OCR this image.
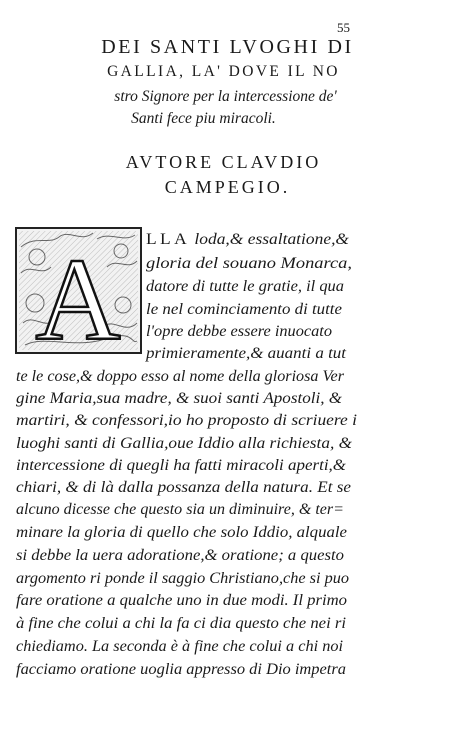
55
DEI SANTI LVOGHI DI
GALLIA, LA' DOVE IL NO
stro Signore per la intercessione de'
Santi fece piu miracoli.
AVTORE CLAVDIO
CAMPEGIO.
A LLA loda,& essaltatione,&
gloria del souano Monarca,
datore di tutte le gratie, il qua
le nel cominciamento di tutte
l'opre debbe essere inuocato
primieramente,& auanti a tut
te le cose,& doppo esso al nome della gloriosa Ver
gine Maria,sua madre, & suoi santi Apostoli, &
martiri, & confessori,io ho proposto di scriuere i
luoghi santi di Gallia,oue Iddio alla richiesta, &
intercessione di quegli ha fatti miracoli aperti,&
chiari, & di là dalla possanza della natura. Et se
alcuno dicesse che questo sia un diminuire, & ter=
minare la gloria di quello che solo Iddio, alquale
si debbe la uera adoratione,& oratione; a questo
argomento ri ponde il saggio Christiano,che si puo
fare oratione a qualche uno in due modi. Il primo
à fine che colui a chi la fa ci dia questo che nei ri
chiediamo. La seconda è à fine che colui a chi noi
facciamo oratione uoglia appresso di Dio impetra
